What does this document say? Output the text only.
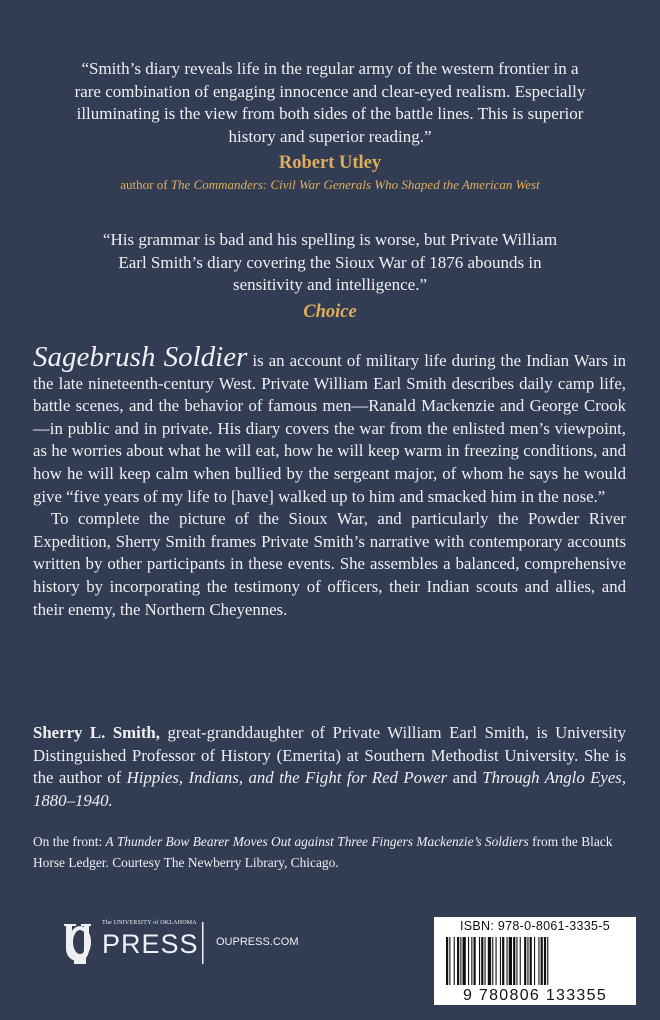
“Smith’s diary reveals life in the regular army of the western frontier in a rare combination of engaging innocence and clear-eyed realism. Especially illuminating is the view from both sides of the battle lines. This is superior history and superior reading.”
Robert Utley
author of The Commanders: Civil War Generals Who Shaped the American West
“His grammar is bad and his spelling is worse, but Private William Earl Smith’s diary covering the Sioux War of 1876 abounds in sensitivity and intelligence.”
Choice

Sagebrush Soldier is an account of military life during the Indian Wars in the late nineteenth-century West. Private William Earl Smith describes daily camp life, battle scenes, and the behavior of famous men—Ranald Mackenzie and George Crook—in public and in private. His diary covers the war from the enlisted men’s viewpoint, as he worries about what he will eat, how he will keep warm in freezing conditions, and how he will keep calm when bullied by the sergeant major, of whom he says he would give “five years of my life to [have] walked up to him and smacked him in the nose.”

To complete the picture of the Sioux War, and particularly the Powder River Expedition, Sherry Smith frames Private Smith’s narrative with contemporary accounts written by other participants in these events. She assembles a balanced, comprehensive history by incorporating the testimony of officers, their Indian scouts and allies, and their enemy, the Northern Cheyennes.

Sherry L. Smith, great-granddaughter of Private William Earl Smith, is University Distinguished Professor of History (Emerita) at Southern Methodist University. She is the author of Hippies, Indians, and the Fight for Red Power and Through Anglo Eyes, 1880–1940.
On the front: A Thunder Bow Bearer Moves Out against Three Fingers Mackenzie’s Soldiers from the Black Horse Ledger. Courtesy The Newberry Library, Chicago.
The UNIVERSITY of OKLAHOMA
PRESS OUPRESS.COM
ISBN: 978-0-8061-3335-5
9 780806 133355
